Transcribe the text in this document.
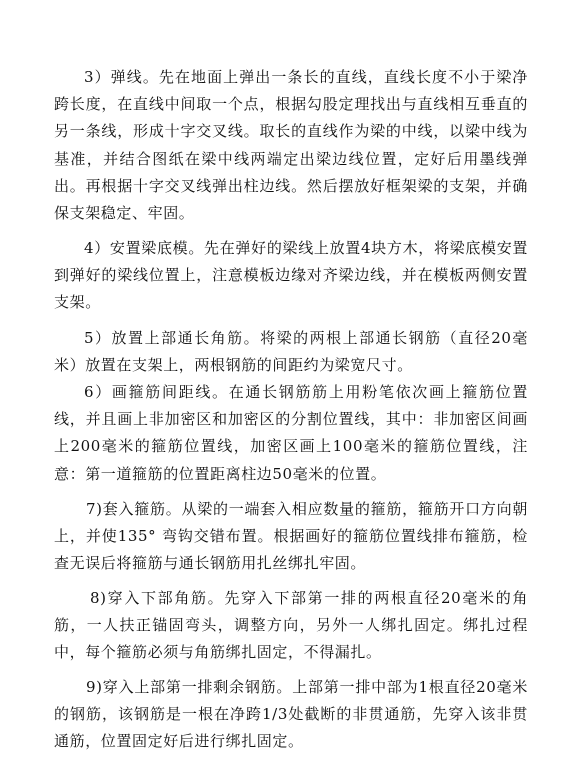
3）弹线。先在地面上弹出一条长的直线，直线长度不小于梁净跨长度，在直线中间取一个点，根据勾股定理找出与直线相互垂直的另一条线，形成十字交叉线。取长的直线作为梁的中线，以梁中线为基准，并结合图纸在梁中线两端定出梁边线位置，定好后用墨线弹出。再根据十字交叉线弹出柱边线。然后摆放好框架梁的支架，并确保支架稳定、牢固。

4）安置梁底模。先在弹好的梁线上放置4块方木，将梁底模安置到弹好的梁线位置上，注意模板边缘对齐梁边线，并在模板两侧安置支架。

5）放置上部通长角筋。将梁的两根上部通长钢筋（直径20毫米）放置在支架上，两根钢筋的间距约为梁宽尺寸。

6）画箍筋间距线。在通长钢筋筋上用粉笔依次画上箍筋位置线，并且画上非加密区和加密区的分割位置线，其中：非加密区间画上200毫米的箍筋位置线，加密区画上100毫米的箍筋位置线，注意：第一道箍筋的位置距离柱边50毫米的位置。

7)套入箍筋。从梁的一端套入相应数量的箍筋，箍筋开口方向朝上，并使135° 弯钩交错布置。根据画好的箍筋位置线排布箍筋，检查无误后将箍筋与通长钢筋用扎丝绑扎牢固。

8)穿入下部角筋。先穿入下部第一排的两根直径20毫米的角筋，一人扶正锚固弯头，调整方向，另外一人绑扎固定。绑扎过程中，每个箍筋必须与角筋绑扎固定，不得漏扎。

9)穿入上部第一排剩余钢筋。上部第一排中部为1根直径20毫米的钢筋，该钢筋是一根在净跨1/3处截断的非贯通筋，先穿入该非贯通筋，位置固定好后进行绑扎固定。
